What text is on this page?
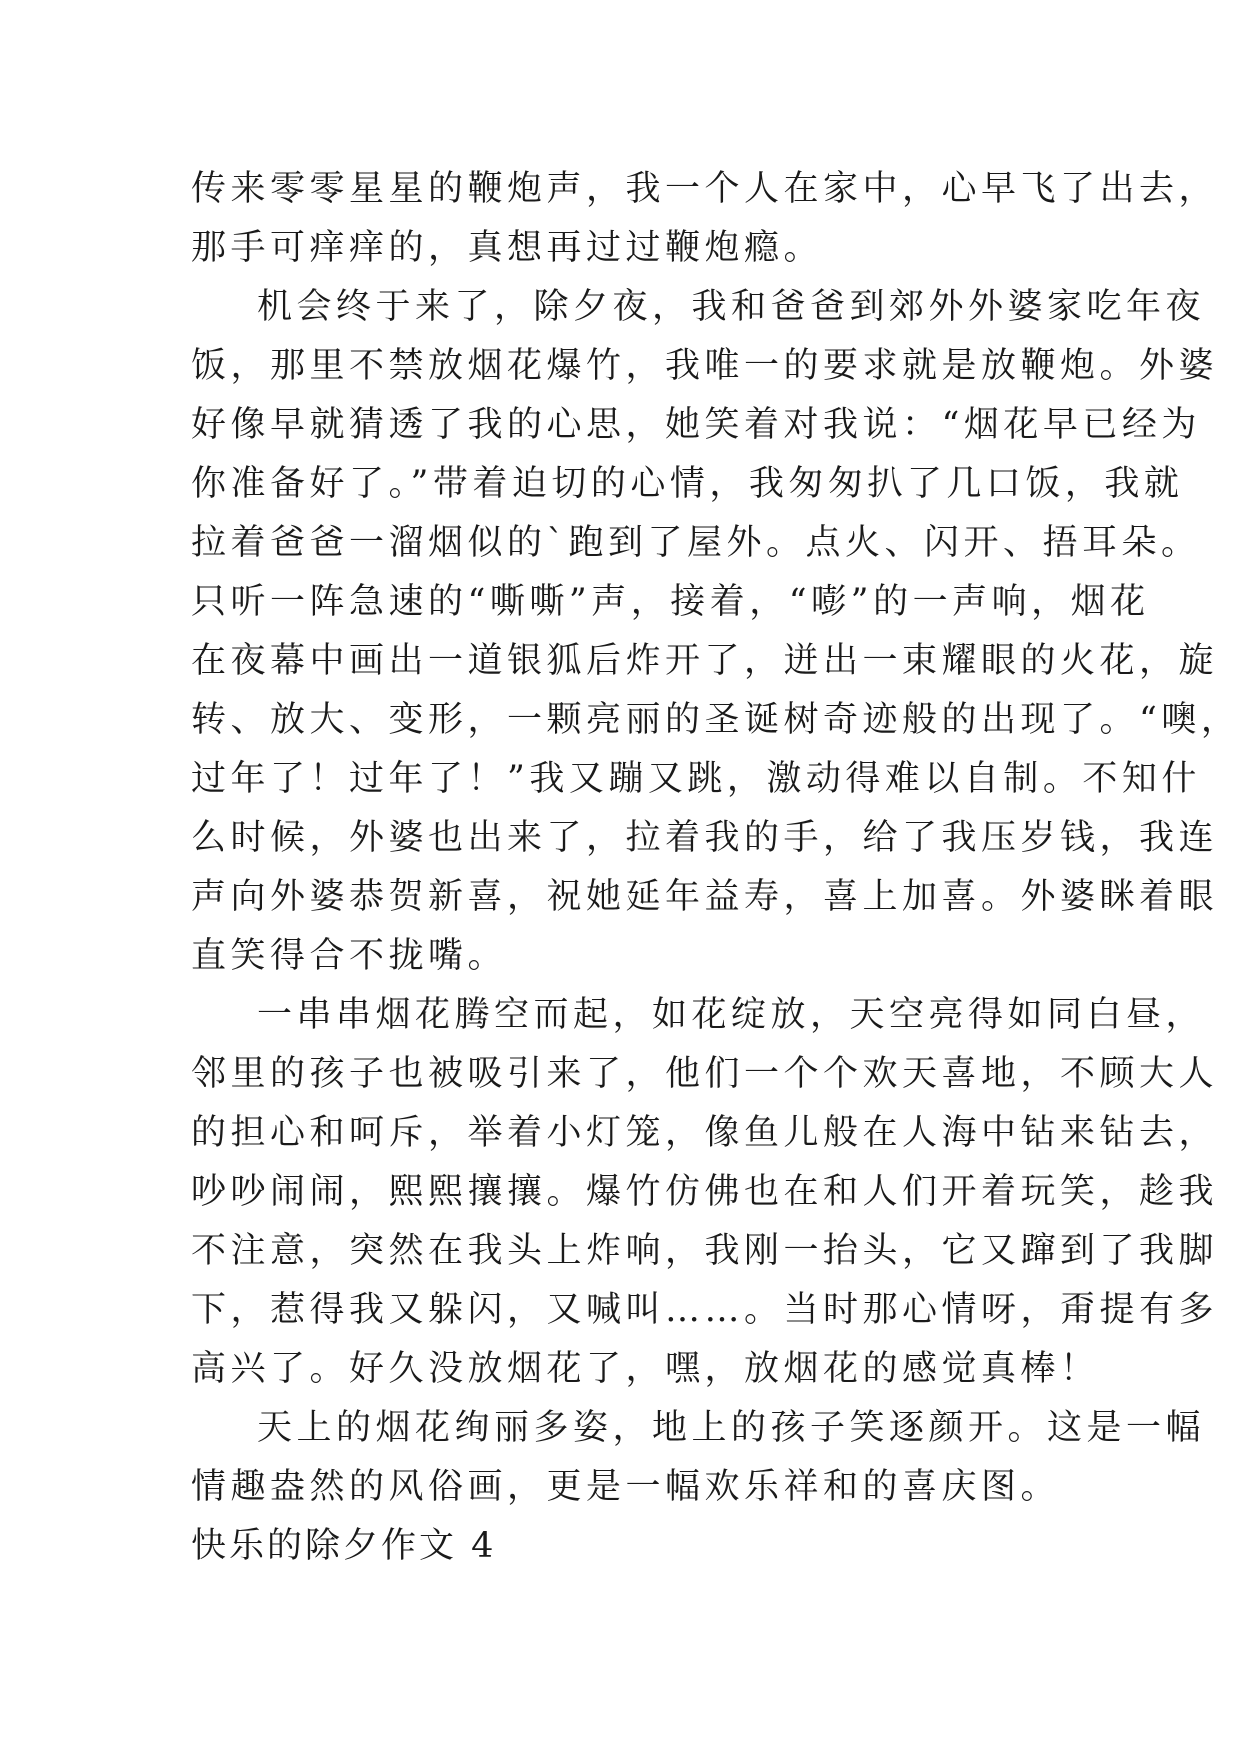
传来零零星星的鞭炮声，我一个人在家中，心早飞了出去，
那手可痒痒的，真想再过过鞭炮瘾。
机会终于来了，除夕夜，我和爸爸到郊外外婆家吃年夜
饭，那里不禁放烟花爆竹，我唯一的要求就是放鞭炮。外婆
好像早就猜透了我的心思，她笑着对我说：“烟花早已经为
你准备好了。”带着迫切的心情，我匆匆扒了几口饭，我就
拉着爸爸一溜烟似的`跑到了屋外。点火、闪开、捂耳朵。
只听一阵急速的“嘶嘶”声，接着，“嘭”的一声响，烟花
在夜幕中画出一道银狐后炸开了，迸出一束耀眼的火花，旋
转、放大、变形，一颗亮丽的圣诞树奇迹般的出现了。“噢，
过年了！过年了！”我又蹦又跳，激动得难以自制。不知什
么时候，外婆也出来了，拉着我的手，给了我压岁钱，我连
声向外婆恭贺新喜，祝她延年益寿，喜上加喜。外婆眯着眼
直笑得合不拢嘴。
一串串烟花腾空而起，如花绽放，天空亮得如同白昼，
邻里的孩子也被吸引来了，他们一个个欢天喜地，不顾大人
的担心和呵斥，举着小灯笼，像鱼儿般在人海中钻来钻去，
吵吵闹闹，熙熙攘攘。爆竹仿佛也在和人们开着玩笑，趁我
不注意，突然在我头上炸响，我刚一抬头，它又蹿到了我脚
下，惹得我又躲闪，又喊叫……。当时那心情呀，甭提有多
高兴了。好久没放烟花了，嘿，放烟花的感觉真棒！
天上的烟花绚丽多姿，地上的孩子笑逐颜开。这是一幅
情趣盎然的风俗画，更是一幅欢乐祥和的喜庆图。
快乐的除夕作文 4
